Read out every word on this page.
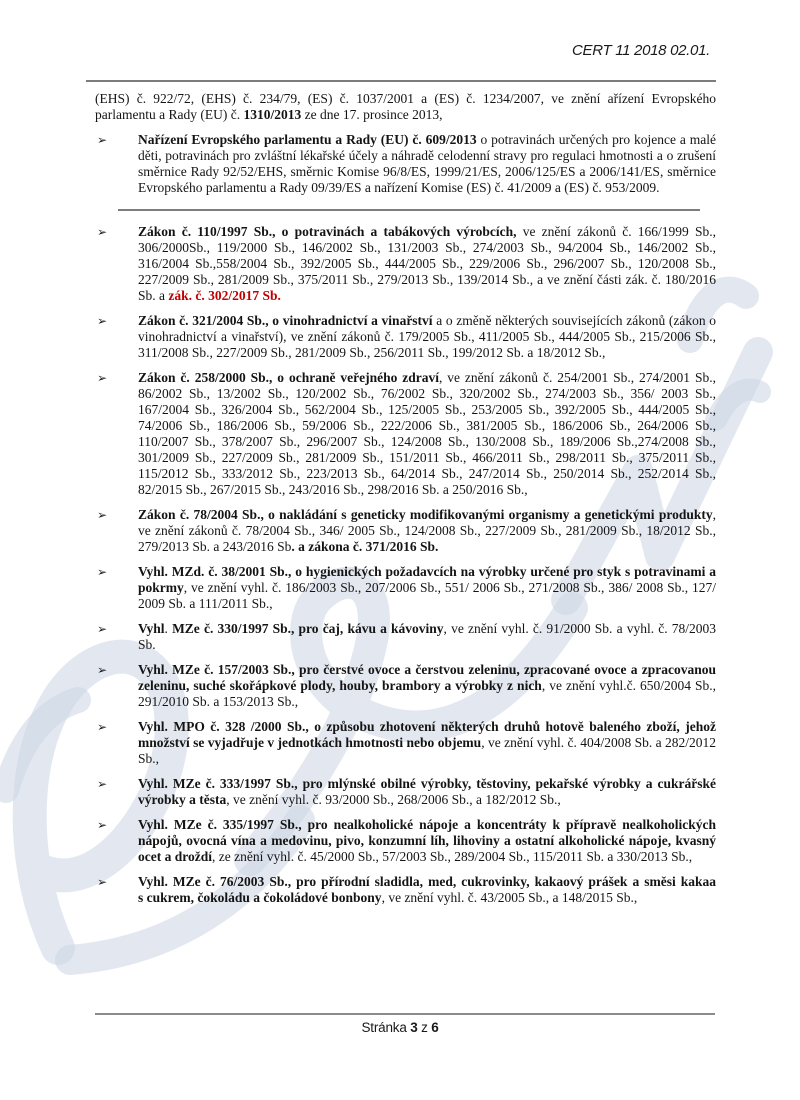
CERT 11 2018 02.01.
(EHS) č. 922/72, (EHS) č. 234/79, (ES) č. 1037/2001 a (ES) č. 1234/2007, ve znění ařízení Evropského parlamentu a Rady (EU) č. 1310/2013 ze dne 17. prosince 2013,
➢ Nařízení Evropského parlamentu a Rady (EU) č. 609/2013 o potravinách určených pro kojence a malé děti, potravinách pro zvláštní lékařské účely a náhradě celodenní stravy pro regulaci hmotnosti a o zrušení směrnice Rady 92/52/EHS, směrnic Komise 96/8/ES, 1999/21/ES, 2006/125/ES a 2006/141/ES, směrnice Evropského parlamentu a Rady 09/39/ES a nařízení Komise (ES) č. 41/2009 a (ES) č. 953/2009.
➢ Zákon č. 110/1997 Sb., o potravinách a tabákových výrobcích, ve znění zákonů č. 166/1999 Sb., 306/2000Sb., 119/2000 Sb., 146/2002 Sb., 131/2003 Sb., 274/2003 Sb., 94/2004 Sb., 146/2002 Sb., 316/2004 Sb.,558/2004 Sb., 392/2005 Sb., 444/2005 Sb., 229/2006 Sb., 296/2007 Sb., 120/2008 Sb., 227/2009 Sb., 281/2009 Sb., 375/2011 Sb., 279/2013 Sb., 139/2014 Sb., a ve znění části zák. č. 180/2016 Sb. a zák. č. 302/2017 Sb.
➢ Zákon č. 321/2004 Sb., o vinohradnictví a vinařství a o změně některých souvisejících zákonů (zákon o vinohradnictví a vinařství), ve znění zákonů č. 179/2005 Sb., 411/2005 Sb., 444/2005 Sb., 215/2006 Sb., 311/2008 Sb., 227/2009 Sb., 281/2009 Sb., 256/2011 Sb., 199/2012 Sb. a 18/2012 Sb.,
➢ Zákon č. 258/2000 Sb., o ochraně veřejného zdraví, ve znění zákonů č. 254/2001 Sb., 274/2001 Sb., 86/2002 Sb., 13/2002 Sb., 120/2002 Sb., 76/2002 Sb., 320/2002 Sb., 274/2003 Sb., 356/ 2003 Sb., 167/2004 Sb., 326/2004 Sb., 562/2004 Sb., 125/2005 Sb., 253/2005 Sb., 392/2005 Sb., 444/2005 Sb., 74/2006 Sb., 186/2006 Sb., 59/2006 Sb., 222/2006 Sb., 381/2005 Sb., 186/2006 Sb., 264/2006 Sb., 110/2007 Sb., 378/2007 Sb., 296/2007 Sb., 124/2008 Sb., 130/2008 Sb., 189/2006 Sb.,274/2008 Sb., 301/2009 Sb., 227/2009 Sb., 281/2009 Sb., 151/2011 Sb., 466/2011 Sb., 298/2011 Sb., 375/2011 Sb., 115/2012 Sb., 333/2012 Sb., 223/2013 Sb., 64/2014 Sb., 247/2014 Sb., 250/2014 Sb., 252/2014 Sb., 82/2015 Sb., 267/2015 Sb., 243/2016 Sb., 298/2016 Sb. a 250/2016 Sb.,
➢ Zákon č. 78/2004 Sb., o nakládání s geneticky modifikovanými organismy a genetickými produkty, ve znění zákonů č. 78/2004 Sb., 346/ 2005 Sb., 124/2008 Sb., 227/2009 Sb., 281/2009 Sb., 18/2012 Sb., 279/2013 Sb. a 243/2016 Sb. a zákona č. 371/2016 Sb.
➢ Vyhl. MZd. č. 38/2001 Sb., o hygienických požadavcích na výrobky určené pro styk s potravinami a pokrmy, ve znění vyhl. č. 186/2003 Sb., 207/2006 Sb., 551/ 2006 Sb., 271/2008 Sb., 386/ 2008 Sb., 127/ 2009 Sb. a 111/2011 Sb.,
➢ Vyhl. MZe č. 330/1997 Sb., pro čaj, kávu a kávoviny, ve znění vyhl. č. 91/2000 Sb. a vyhl. č. 78/2003 Sb.
➢ Vyhl. MZe č. 157/2003 Sb., pro čerstvé ovoce a čerstvou zeleninu, zpracované ovoce a zpracovanou zeleninu, suché skořápkové plody, houby, brambory a výrobky z nich, ve znění vyhl.č. 650/2004 Sb., 291/2010 Sb. a 153/2013 Sb.,
➢ Vyhl. MPO č. 328 /2000 Sb., o způsobu zhotovení některých druhů hotově baleného zboží, jehož množství se vyjadřuje v jednotkách hmotnosti nebo objemu, ve znění vyhl. č. 404/2008 Sb. a 282/2012 Sb.,
➢ Vyhl. MZe č. 333/1997 Sb., pro mlýnské obilné výrobky, těstoviny, pekařské výrobky a cukrářské výrobky a těsta, ve znění vyhl. č. 93/2000 Sb., 268/2006 Sb., a 182/2012 Sb.,
➢ Vyhl. MZe č. 335/1997 Sb., pro nealkoholické nápoje a koncentráty k přípravě nealkoholických nápojů, ovocná vína a medovinu, pivo, konzumní líh, lihoviny a ostatní alkoholické nápoje, kvasný ocet a droždí, ze znění vyhl. č. 45/2000 Sb., 57/2003 Sb., 289/2004 Sb., 115/2011 Sb. a 330/2013 Sb.,
➢ Vyhl. MZe č. 76/2003 Sb., pro přírodní sladidla, med, cukrovinky, kakaový prášek a směsi kakaa s cukrem, čokoládu a čokoládové bonbony, ve znění vyhl. č. 43/2005 Sb., a 148/2015 Sb.,
Stránka 3 z 6
